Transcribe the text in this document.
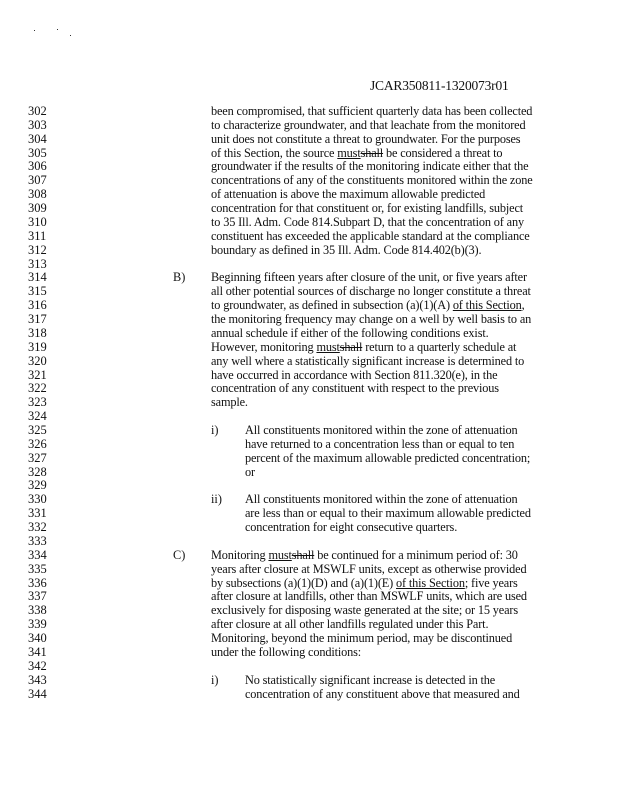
JCAR350811-1320073r01
302
303
304
305
306
307
308
309
310
311
312
313
314
315
316
317
318
319
320
321
322
323
324
325
326
327
328
329
330
331
332
333
334
335
336
337
338
339
340
341
342
343
344
been compromised, that sufficient quarterly data has been collected
to characterize groundwater, and that leachate from the monitored
unit does not constitute a threat to groundwater. For the purposes
of this Section, the source mustshall be considered a threat to
groundwater if the results of the monitoring indicate either that the
concentrations of any of the constituents monitored within the zone
of attenuation is above the maximum allowable predicted
concentration for that constituent or, for existing landfills, subject
to 35 Ill. Adm. Code 814.Subpart D, that the concentration of any
constituent has exceeded the applicable standard at the compliance
boundary as defined in 35 Ill. Adm. Code 814.402(b)(3).
B) Beginning fifteen years after closure of the unit, or five years after
all other potential sources of discharge no longer constitute a threat
to groundwater, as defined in subsection (a)(1)(A) of this Section,
the monitoring frequency may change on a well by well basis to an
annual schedule if either of the following conditions exist.
However, monitoring mustshall return to a quarterly schedule at
any well where a statistically significant increase is determined to
have occurred in accordance with Section 811.320(e), in the
concentration of any constituent with respect to the previous
sample.
i) All constituents monitored within the zone of attenuation
have returned to a concentration less than or equal to ten
percent of the maximum allowable predicted concentration;
or
ii) All constituents monitored within the zone of attenuation
are less than or equal to their maximum allowable predicted
concentration for eight consecutive quarters.
C) Monitoring mustshall be continued for a minimum period of: 30
years after closure at MSWLF units, except as otherwise provided
by subsections (a)(1)(D) and (a)(1)(E) of this Section; five years
after closure at landfills, other than MSWLF units, which are used
exclusively for disposing waste generated at the site; or 15 years
after closure at all other landfills regulated under this Part.
Monitoring, beyond the minimum period, may be discontinued
under the following conditions:
i) No statistically significant increase is detected in the
concentration of any constituent above that measured and
